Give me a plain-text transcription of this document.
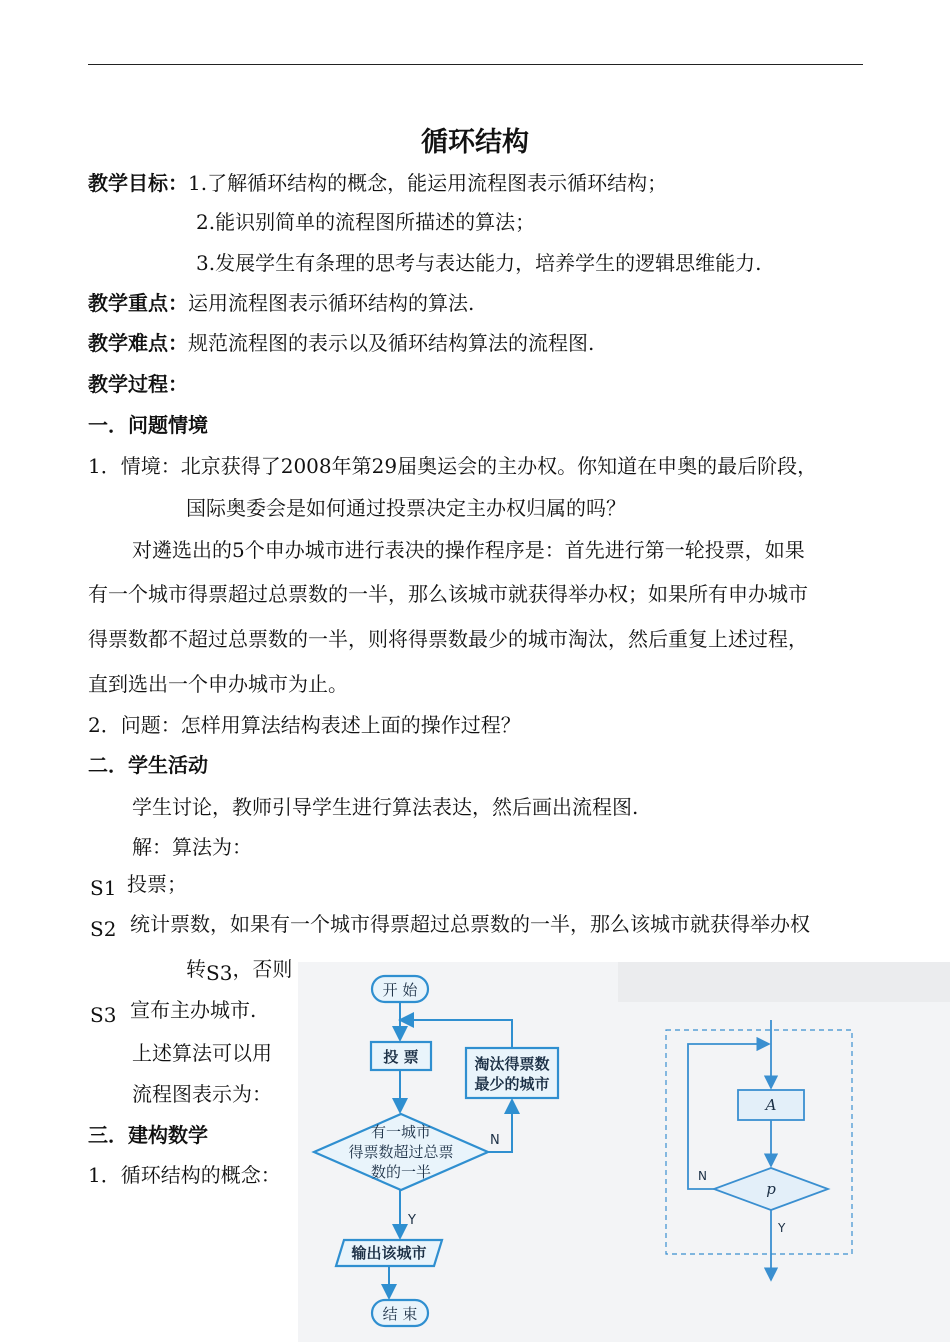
循环结构
教学目标：1.了解循环结构的概念，能运用流程图表示循环结构；
2.能识别简单的流程图所描述的算法；
3.发展学生有条理的思考与表达能力，培养学生的逻辑思维能力.
教学重点：运用流程图表示循环结构的算法.
教学难点：规范流程图的表示以及循环结构算法的流程图.
教学过程：
一．问题情境
1．情境：北京获得了2008年第29届奥运会的主办权。你知道在申奥的最后阶段，
国际奥委会是如何通过投票决定主办权归属的吗？
对遴选出的5个申办城市进行表决的操作程序是：首先进行第一轮投票，如果
有一个城市得票超过总票数的一半，那么该城市就获得举办权；如果所有申办城市
得票数都不超过总票数的一半，则将得票数最少的城市淘汰，然后重复上述过程，
直到选出一个申办城市为止。
2．问题：怎样用算法结构表述上面的操作过程？
二．学生活动
学生讨论，教师引导学生进行算法表达，然后画出流程图.
解：算法为：
S1 投票；
S2 统计票数，如果有一个城市得票超过总票数的一半，那么该城市就获得举办权
转S3，否则
S3 宣布主办城市.
上述算法可以用
流程图表示为：
三．建构数学
1．循环结构的概念：
开 始
投 票	淘汰得票数
最少的城市
有一城市
得票数超过总票
数的一半
输出该城市
结 束
N
Y
A
p
N
Y
